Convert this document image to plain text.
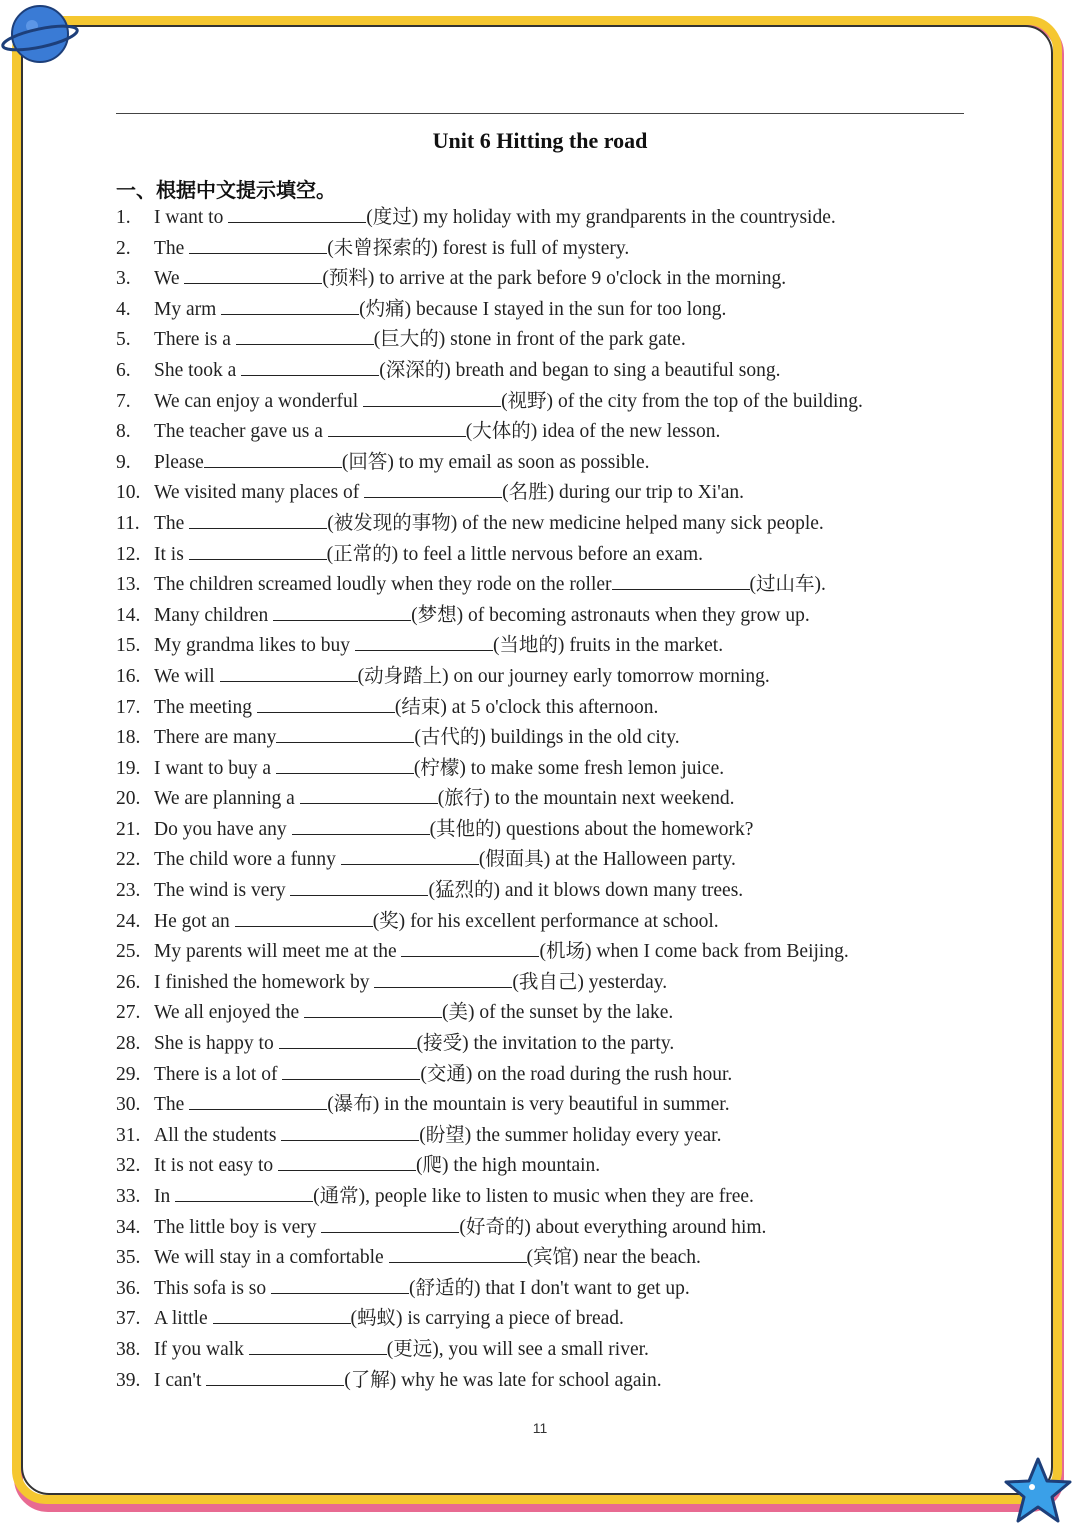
Unit 6 Hitting the road
一、根据中文提示填空。
1.	I want to	(度过) my holiday with my grandparents in the countryside.
2.	The	(未曾探索的) forest is full of mystery.
3.	We	(预料) to arrive at the park before 9 o'clock in the morning.
4.	My arm	(灼痛) because I stayed in the sun for too long.
5.	There is a	(巨大的) stone in front of the park gate.
6.	She took a	(深深的) breath and began to sing a beautiful song.
7.	We can enjoy a wonderful	(视野) of the city from the top of the building.
8.	The teacher gave us a	(大体的) idea of the new lesson.
9.	Please	(回答) to my email as soon as possible.
10. We visited many places of	(名胜) during our trip to Xi'an.
11. The	(被发现的事物) of the new medicine helped many sick people.
12. It is	(正常的) to feel a little nervous before an exam.
13. The children screamed loudly when they rode on the roller	(过山车).
14. Many children	(梦想) of becoming astronauts when they grow up.
15. My grandma likes to buy	(当地的) fruits in the market.
16. We will	(动身踏上) on our journey early tomorrow morning.
17. The meeting	(结束) at 5 o'clock this afternoon.
18. There are many	(古代的) buildings in the old city.
19. I want to buy a	(柠檬) to make some fresh lemon juice.
20. We are planning a	(旅行) to the mountain next weekend.
21. Do you have any	(其他的) questions about the homework?
22. The child wore a funny	(假面具) at the Halloween party.
23. The wind is very	(猛烈的) and it blows down many trees.
24. He got an	(奖) for his excellent performance at school.
25. My parents will meet me at the	(机场) when I come back from Beijing.
26. I finished the homework by	(我自己) yesterday.
27. We all enjoyed the	(美) of the sunset by the lake.
28. She is happy to	(接受) the invitation to the party.
29. There is a lot of	(交通) on the road during the rush hour.
30. The	(瀑布) in the mountain is very beautiful in summer.
31. All the students	(盼望) the summer holiday every year.
32. It is not easy to	(爬) the high mountain.
33. In	(通常), people like to listen to music when they are free.
34. The little boy is very	(好奇的) about everything around him.
35. We will stay in a comfortable	(宾馆) near the beach.
36. This sofa is so	(舒适的) that I don't want to get up.
37. A little	(蚂蚁) is carrying a piece of bread.
38. If you walk	(更远), you will see a small river.
39. I can't	(了解) why he was late for school again.
11
